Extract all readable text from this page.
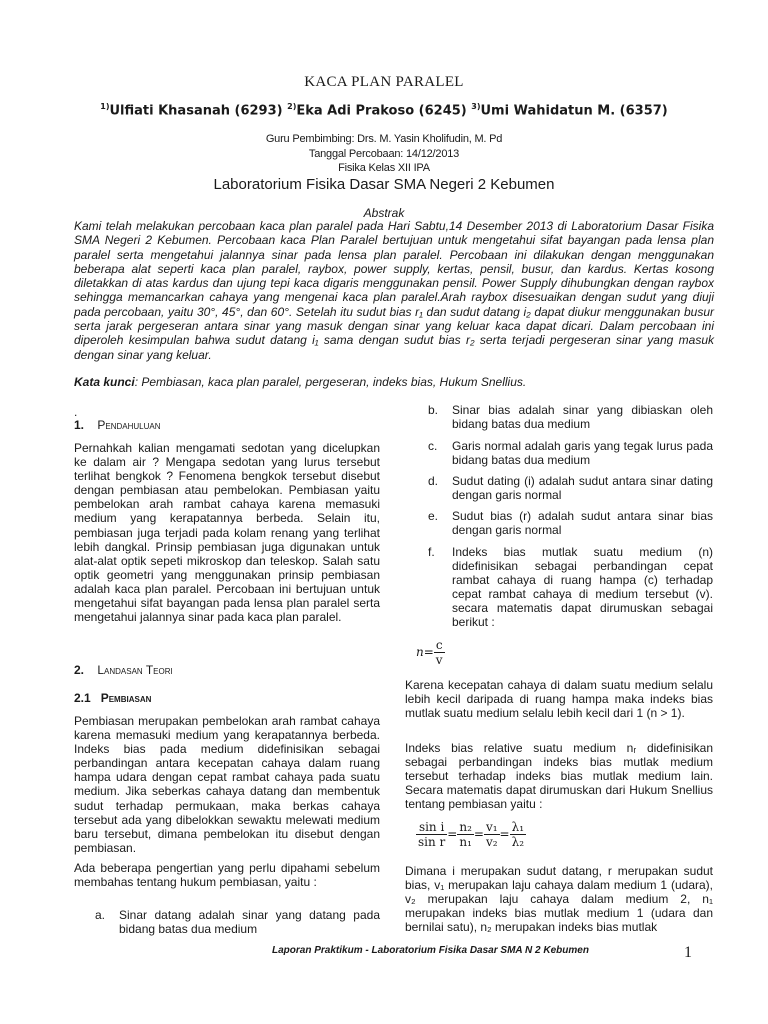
KACA PLAN PARALEL
$^{1)}$Ulfiati Khasanah (6293) $^{2)}$Eka Adi Prakoso (6245) $^{3)}$Umi Wahidatun M. (6357)
Guru Pembimbing: Drs. M. Yasin Kholifudin, M. Pd
Tanggal Percobaan: 14/12/2013
Fisika Kelas XII IPA
Laboratorium Fisika Dasar SMA Negeri 2 Kebumen
Abstrak
Kami telah melakukan percobaan kaca plan paralel pada Hari Sabtu,14 Desember 2013 di Laboratorium Dasar Fisika SMA Negeri 2 Kebumen. Percobaan kaca Plan Paralel bertujuan untuk mengetahui sifat bayangan pada lensa plan paralel serta mengetahui jalannya sinar pada lensa plan paralel. Percobaan ini dilakukan dengan menggunakan beberapa alat seperti kaca plan paralel, raybox, power supply, kertas, pensil, busur, dan kardus. Kertas kosong diletakkan di atas kardus dan ujung tepi kaca digaris menggunakan pensil. Power Supply dihubungkan dengan raybox sehingga memancarkan cahaya yang mengenai kaca plan paralel.Arah raybox disesuaikan dengan sudut yang diuji pada percobaan, yaitu 30°, 45°, dan 60°. Setelah itu sudut bias r₁ dan sudut datang i₂ dapat diukur menggunakan busur serta jarak pergeseran antara sinar yang masuk dengan sinar yang keluar kaca dapat dicari. Dalam percobaan ini diperoleh kesimpulan bahwa sudut datang i₁ sama dengan sudut bias r₂ serta terjadi pergeseran sinar yang masuk dengan sinar yang keluar.
Kata kunci: Pembiasan, kaca plan paralel, pergeseran, indeks bias, Hukum Snellius.
.
1. Pendahuluan
Pernahkah kalian mengamati sedotan yang dicelupkan ke dalam air ? Mengapa sedotan yang lurus tersebut terlihat bengkok ? Fenomena bengkok tersebut disebut dengan pembiasan atau pembelokan. Pembiasan yaitu pembelokan arah rambat cahaya karena memasuki medium yang kerapatannya berbeda. Selain itu, pembiasan juga terjadi pada kolam renang yang terlihat lebih dangkal. Prinsip pembiasan juga digunakan untuk alat-alat optik sepeti mikroskop dan teleskop. Salah satu optik geometri yang menggunakan prinsip pembiasan adalah kaca plan paralel. Percobaan ini bertujuan untuk mengetahui sifat bayangan pada lensa plan paralel serta mengetahui jalannya sinar pada kaca plan paralel.
2. Landasan Teori
2.1 Pembiasan
Pembiasan merupakan pembelokan arah rambat cahaya karena memasuki medium yang kerapatannya berbeda. Indeks bias pada medium didefinisikan sebagai perbandingan antara kecepatan cahaya dalam ruang hampa udara dengan cepat rambat cahaya pada suatu medium. Jika seberkas cahaya datang dan membentuk sudut terhadap permukaan, maka berkas cahaya tersebut ada yang dibelokkan sewaktu melewati medium baru tersebut, dimana pembelokan itu disebut dengan pembiasan.
Ada beberapa pengertian yang perlu dipahami sebelum membahas tentang hukum pembiasan, yaitu :
a. Sinar datang adalah sinar yang datang pada bidang batas dua medium
b. Sinar bias adalah sinar yang dibiaskan oleh bidang batas dua medium
c. Garis normal adalah garis yang tegak lurus pada bidang batas dua medium
d. Sudut dating (i) adalah sudut antara sinar dating dengan garis normal
e. Sudut bias (r) adalah sudut antara sinar bias dengan garis normal
f. Indeks bias mutlak suatu medium (n) didefinisikan sebagai perbandingan cepat rambat cahaya di ruang hampa (c) terhadap cepat rambat cahaya di medium tersebut (v). secara matematis dapat dirumuskan sebagai berikut :
$n= \frac{c}{v}$
Karena kecepatan cahaya di dalam suatu medium selalu lebih kecil daripada di ruang hampa maka indeks bias mutlak suatu medium selalu lebih kecil dari 1 (n > 1).
Indeks bias relative suatu medium nᵣ didefinisikan sebagai perbandingan indeks bias mutlak medium tersebut terhadap indeks bias mutlak medium lain. Secara matematis dapat dirumuskan dari Hukum Snellius tentang pembiasan yaitu :
$\frac{\text{sin i}}{\text{sin r}} = \frac{\text{n₂}}{\text{n₁}} = \frac{\text{v₁}}{\text{v₂}} = \frac{\text{λ₁}}{\text{λ₂}}$
Dimana i merupakan sudut datang, r merupakan sudut bias, v₁ merupakan laju cahaya dalam medium 1 (udara), v₂ merupakan laju cahaya dalam medium 2, n₁ merupakan indeks bias mutlak medium 1 (udara dan bernilai satu), n₂ merupakan indeks bias mutlak
Laporan Praktikum - Laboratorium Fisika Dasar SMA N 2 Kebumen	1
